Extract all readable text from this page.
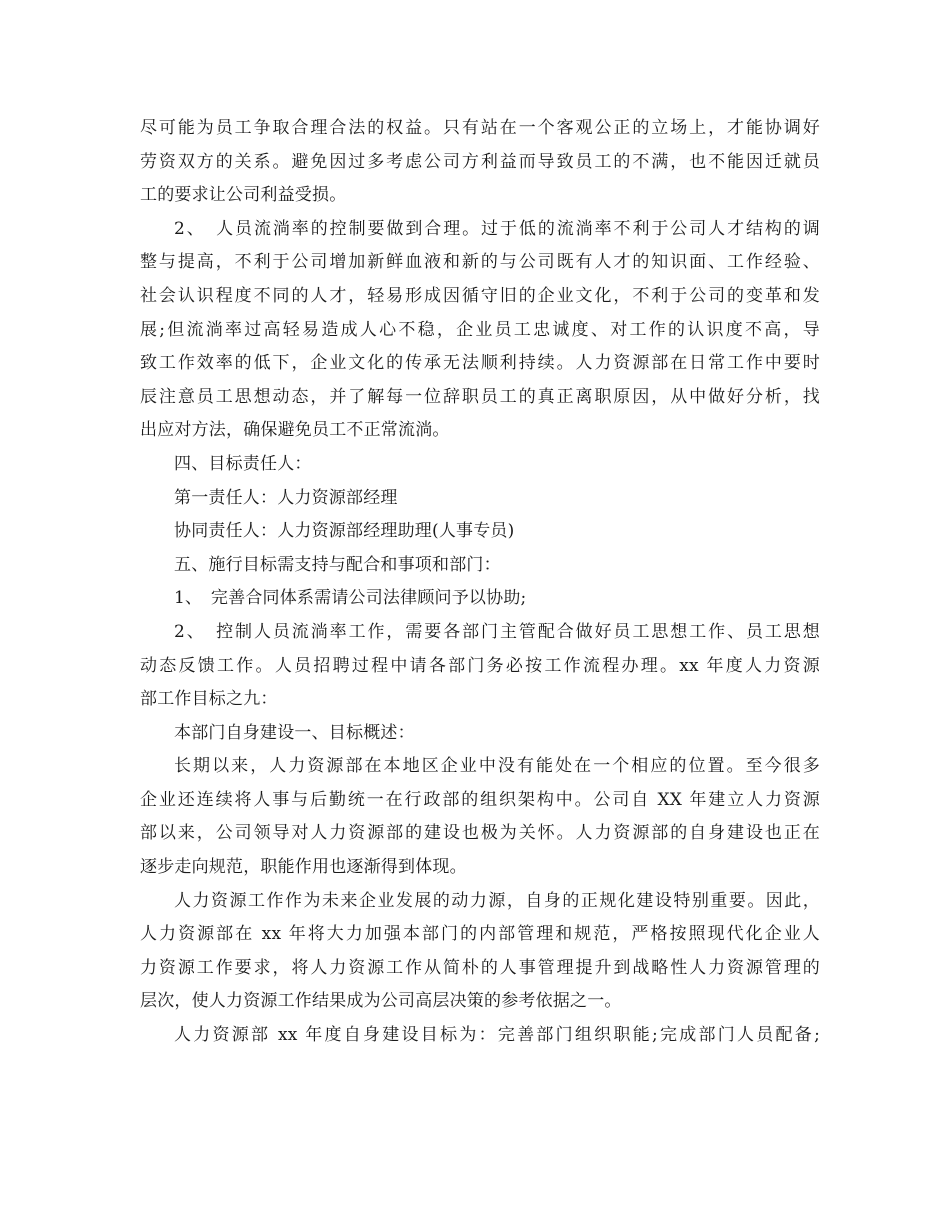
尽可能为员工争取合理合法的权益。只有站在一个客观公正的立场上，才能协调好
劳资双方的关系。避免因过多考虑公司方利益而导致员工的不满，也不能因迁就员
工的要求让公司利益受损。
2、　人员流淌率的控制要做到合理。过于低的流淌率不利于公司人才结构的调
整与提高，不利于公司增加新鲜血液和新的与公司既有人才的知识面、工作经验、
社会认识程度不同的人才，轻易形成因循守旧的企业文化，不利于公司的变革和发
展;但流淌率过高轻易造成人心不稳，企业员工忠诚度、对工作的认识度不高，导
致工作效率的低下，企业文化的传承无法顺利持续。人力资源部在日常工作中要时
辰注意员工思想动态，并了解每一位辞职员工的真正离职原因，从中做好分析，找
出应对方法，确保避免员工不正常流淌。
四、目标责任人：
第一责任人：人力资源部经理
协同责任人：人力资源部经理助理(人事专员)
五、施行目标需支持与配合和事项和部门：
1、　完善合同体系需请公司法律顾问予以协助;
2、　控制人员流淌率工作，需要各部门主管配合做好员工思想工作、员工思想
动态反馈工作。人员招聘过程中请各部门务必按工作流程办理。xx 年度人力资源
部工作目标之九：
本部门自身建设一、目标概述：
长期以来，人力资源部在本地区企业中没有能处在一个相应的位置。至今很多
企业还连续将人事与后勤统一在行政部的组织架构中。公司自 XX 年建立人力资源
部以来，公司领导对人力资源部的建设也极为关怀。人力资源部的自身建设也正在
逐步走向规范，职能作用也逐渐得到体现。
人力资源工作作为未来企业发展的动力源，自身的正规化建设特别重要。因此，
人力资源部在 xx 年将大力加强本部门的内部管理和规范，严格按照现代化企业人
力资源工作要求，将人力资源工作从简朴的人事管理提升到战略性人力资源管理的
层次，使人力资源工作结果成为公司高层决策的参考依据之一。
人力资源部 xx 年度自身建设目标为：完善部门组织职能;完成部门人员配备;
